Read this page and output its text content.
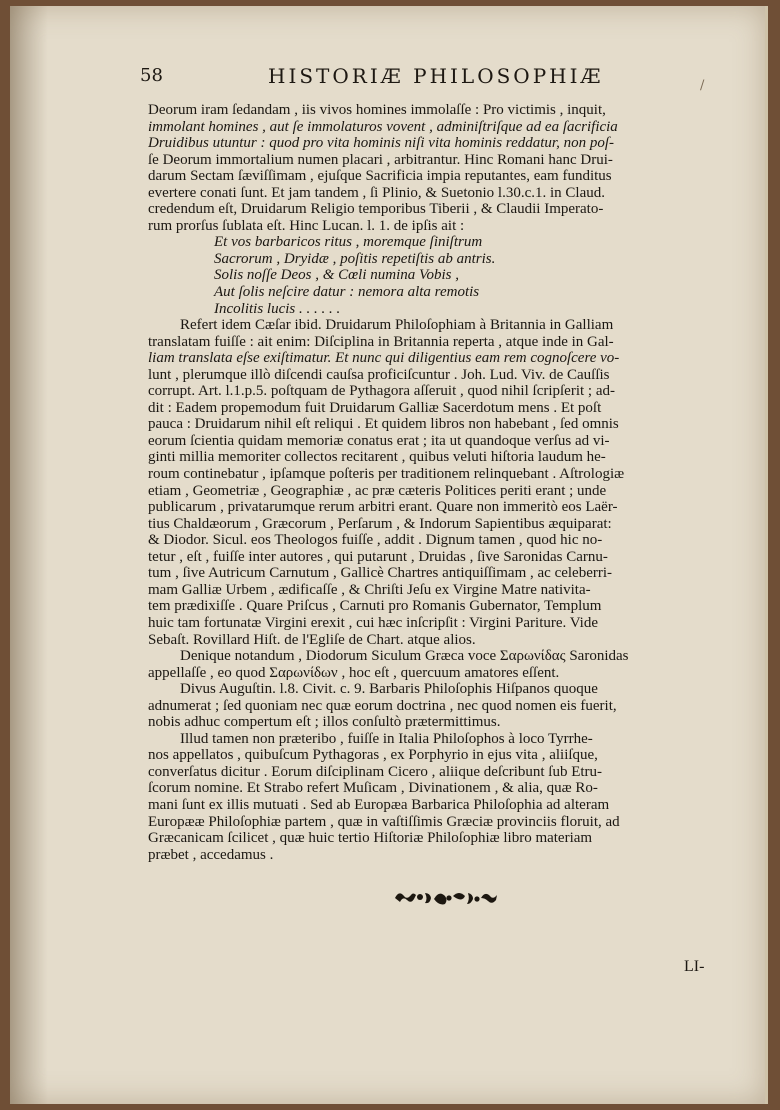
58	HISTORIÆ PHILOSOPHIÆ	/
Deorum iram ſedandam , iis vivos homines immolaſſe : Pro victimis , inquit,
immolant homines , aut ſe immolaturos vovent , adminiſtriſque ad ea ſacrificia
Druidibus utuntur : quod pro vita hominis niſi vita hominis reddatur, non poſ-
ſe Deorum immortalium numen placari , arbitrantur. Hinc Romani hanc Drui-
darum Sectam ſæviſſimam , ejuſque Sacrificia impia reputantes, eam funditus
evertere conati ſunt. Et jam tandem , ſi Plinio, & Suetonio l.30.c.1. in Claud.
credendum eſt, Druidarum Religio temporibus Tiberii , & Claudii Imperato-
rum prorſus ſublata eſt. Hinc Lucan. l. 1. de ipſis ait :
Et vos barbaricos ritus , moremque ſiniſtrum
Sacrorum , Dryidæ , poſitis repetiſtis ab antris.
Solis noſſe Deos , & Cœli numina Vobis ,
Aut ſolis neſcire datur : nemora alta remotis
Incolitis lucis . . . . . .
Refert idem Cæſar ibid. Druidarum Philoſophiam à Britannia in Galliam
translatam fuiſſe : ait enim: Diſciplina in Britannia reperta , atque inde in Gal-
liam translata eſse exiſtimatur. Et nunc qui diligentius eam rem cognoſcere vo-
lunt , plerumque illò diſcendi cauſsa proficiſcuntur . Joh. Lud. Viv. de Cauſſis
corrupt. Art. l.1.p.5. poſtquam de Pythagora aſſeruit , quod nihil ſcripſerit ; ad-
dit : Eadem propemodum fuit Druidarum Galliæ Sacerdotum mens . Et poſt
pauca : Druidarum nihil eſt reliqui . Et quidem libros non habebant , ſed omnis
eorum ſcientia quidam memoriæ conatus erat ; ita ut quandoque verſus ad vi-
ginti millia memoriter collectos recitarent , quibus veluti hiſtoria laudum he-
roum continebatur , ipſamque poſteris per traditionem relinquebant . Aſtrologiæ
etiam , Geometriæ , Geographiæ , ac præ cæteris Politices periti erant ; unde
publicarum , privatarumque rerum arbitri erant. Quare non immeritò eos Laër-
tius Chaldæorum , Græcorum , Perſarum , & Indorum Sapientibus æquiparat:
& Diodor. Sicul. eos Theologos fuiſſe , addit . Dignum tamen , quod hic no-
tetur , eſt , fuiſſe inter autores , qui putarunt , Druidas , ſive Saronidas Carnu-
tum , ſive Autricum Carnutum , Gallicè Chartres antiquiſſimam , ac celeberri-
mam Galliæ Urbem , ædificaſſe , & Chriſti Jeſu ex Virgine Matre nativita-
tem prædixiſſe . Quare Priſcus , Carnuti pro Romanis Gubernator, Templum
huic tam fortunatæ Virgini erexit , cui hæc inſcripſit : Virgini Pariture. Vide
Sebaſt. Rovillard Hiſt. de l'Egliſe de Chart. atque alios.
Denique notandum , Diodorum Siculum Græca voce Σαρωνίδας Saronidas
appellaſſe , eo quod Σαρωνίδων , hoc eſt , quercuum amatores eſſent.
Divus Auguſtin. l.8. Civit. c. 9. Barbaris Philoſophis Hiſpanos quoque
adnumerat ; ſed quoniam nec quæ eorum doctrina , nec quod nomen eis fuerit,
nobis adhuc compertum eſt ; illos conſultò prætermittimus.
Illud tamen non præteribo , fuiſſe in Italia Philoſophos à loco Tyrrhe-
nos appellatos , quibuſcum Pythagoras , ex Porphyrio in ejus vita , aliiſque,
converſatus dicitur . Eorum diſciplinam Cicero , aliique deſcribunt ſub Etru-
ſcorum nomine. Et Strabo refert Muſicam , Divinationem , & alia, quæ Ro-
mani ſunt ex illis mutuati . Sed ab Europæa Barbarica Philoſophia ad alteram
Europææ Philoſophiæ partem , quæ in vaſtiſſimis Græciæ provinciis floruit, ad
Græcanicam ſcilicet , quæ huic tertio Hiſtoriæ Philoſophiæ libro materiam
præbet , accedamus .
LI-
